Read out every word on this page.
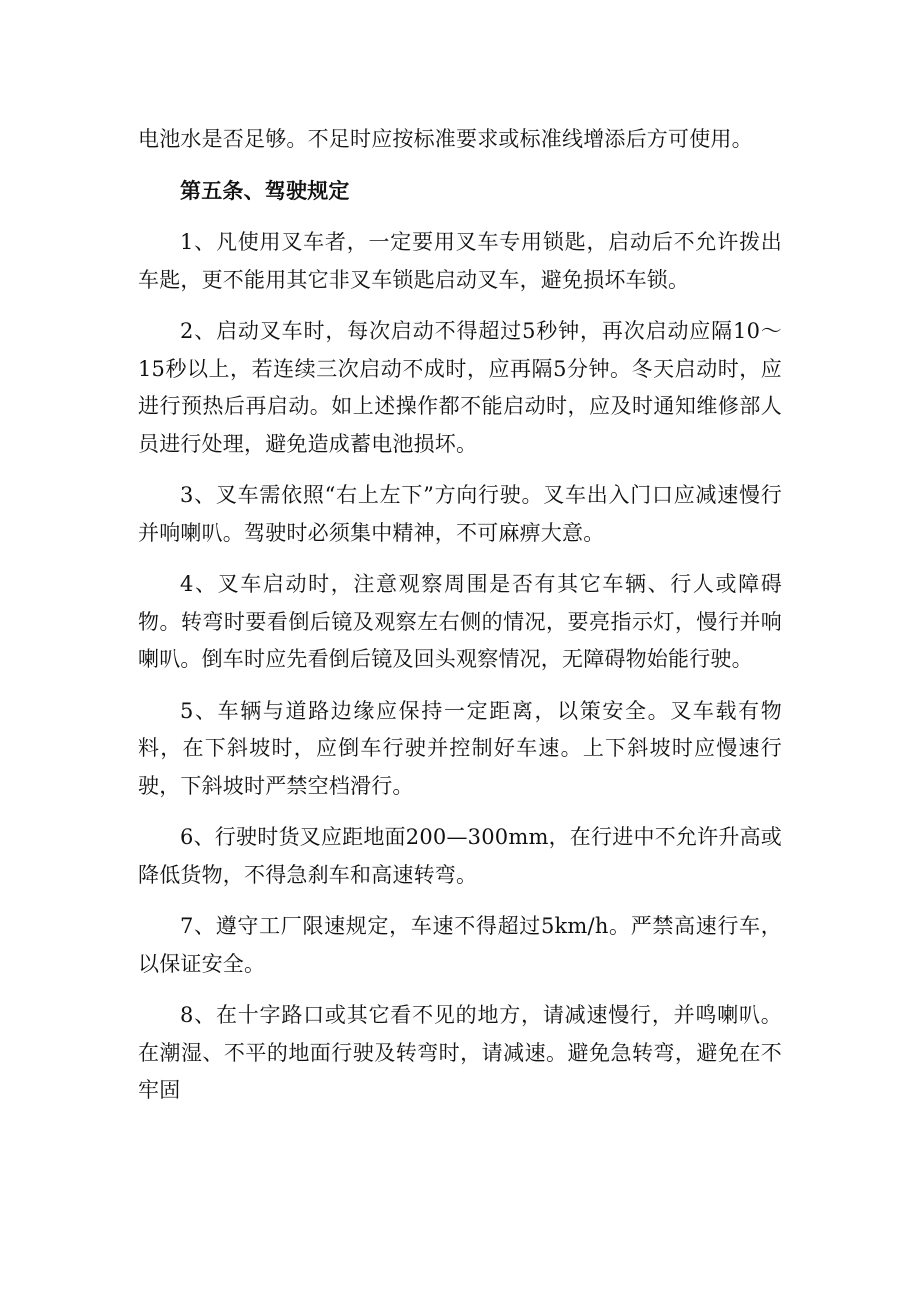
电池水是否足够。不足时应按标准要求或标准线增添后方可使用。

第五条、驾驶规定

1、凡使用叉车者，一定要用叉车专用锁匙，启动后不允许拨出车匙，更不能用其它非叉车锁匙启动叉车，避免损坏车锁。

2、启动叉车时，每次启动不得超过5秒钟，再次启动应隔10～15秒以上，若连续三次启动不成时，应再隔5分钟。冬天启动时，应进行预热后再启动。如上述操作都不能启动时，应及时通知维修部人员进行处理，避免造成蓄电池损坏。

3、叉车需依照“右上左下”方向行驶。叉车出入门口应减速慢行并响喇叭。驾驶时必须集中精神，不可麻痹大意。

4、叉车启动时，注意观察周围是否有其它车辆、行人或障碍物。转弯时要看倒后镜及观察左右侧的情况，要亮指示灯，慢行并响喇叭。倒车时应先看倒后镜及回头观察情况，无障碍物始能行驶。

5、车辆与道路边缘应保持一定距离，以策安全。叉车载有物料，在下斜坡时，应倒车行驶并控制好车速。上下斜坡时应慢速行驶，下斜坡时严禁空档滑行。

6、行驶时货叉应距地面200—300mm，在行进中不允许升高或降低货物，不得急刹车和高速转弯。

7、遵守工厂限速规定，车速不得超过5km/h。严禁高速行车，以保证安全。

8、在十字路口或其它看不见的地方，请减速慢行，并鸣喇叭。在潮湿、不平的地面行驶及转弯时，请减速。避免急转弯，避免在不牢固
